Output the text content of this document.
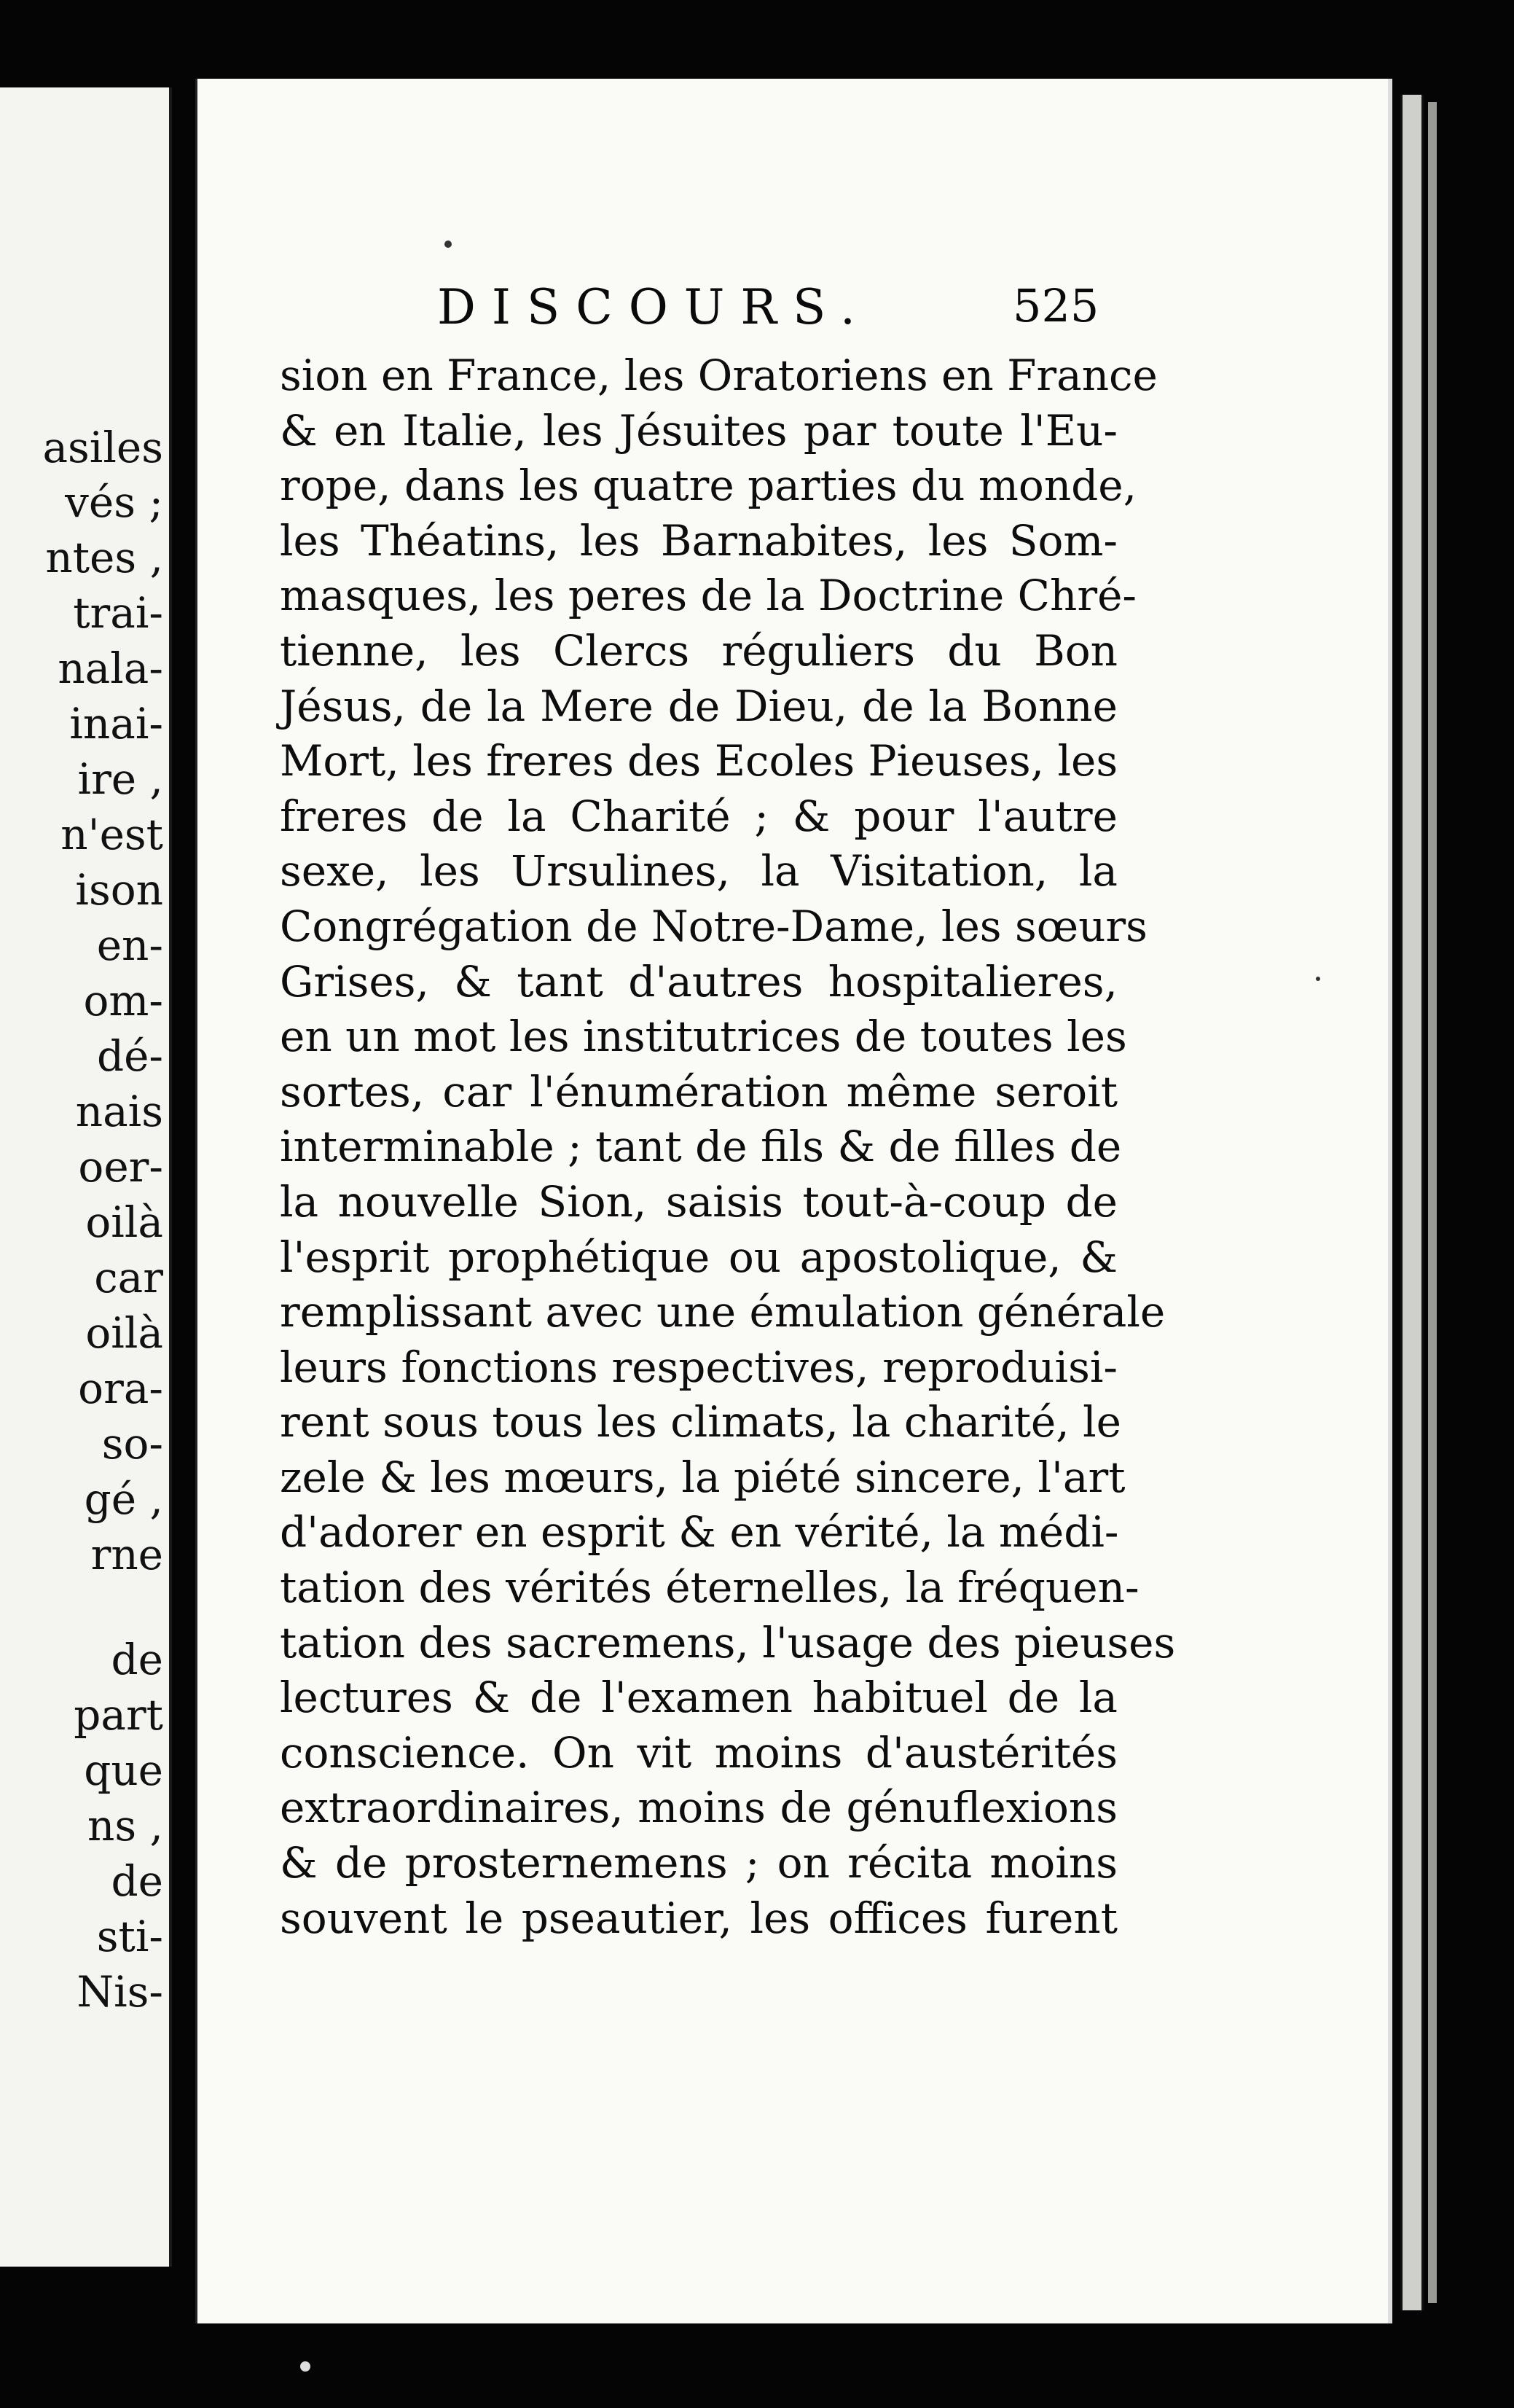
asiles
vés ;
ntes ,
trai-
nala-
inai-
ire ,
n'est
ison
en-
om-
dé-
nais
oer-
oilà
car
oilà
ora-
so-
gé ,
rne
de
part
que
ns ,
de
sti-
Nis-
DISCOURS.	525
sion en France, les Oratoriens en France
& en Italie, les Jésuites par toute l'Eu-
rope, dans les quatre parties du monde,
les Théatins, les Barnabites, les Som-
masques, les peres de la Doctrine Chré-
tienne, les Clercs réguliers du Bon
Jésus, de la Mere de Dieu, de la Bonne
Mort, les freres des Ecoles Pieuses, les
freres de la Charité ; & pour l'autre
sexe, les Ursulines, la Visitation, la
Congrégation de Notre-Dame, les sœurs
Grises, & tant d'autres hospitalieres,
en un mot les institutrices de toutes les
sortes, car l'énumération même seroit
interminable ; tant de fils & de filles de
la nouvelle Sion, saisis tout-à-coup de
l'esprit prophétique ou apostolique, &
remplissant avec une émulation générale
leurs fonctions respectives, reproduisi-
rent sous tous les climats, la charité, le
zele & les mœurs, la piété sincere, l'art
d'adorer en esprit & en vérité, la médi-
tation des vérités éternelles, la fréquen-
tation des sacremens, l'usage des pieuses
lectures & de l'examen habituel de la
conscience. On vit moins d'austérités
extraordinaires, moins de génuflexions
& de prosternemens ; on récita moins
souvent le pseautier, les offices furent
